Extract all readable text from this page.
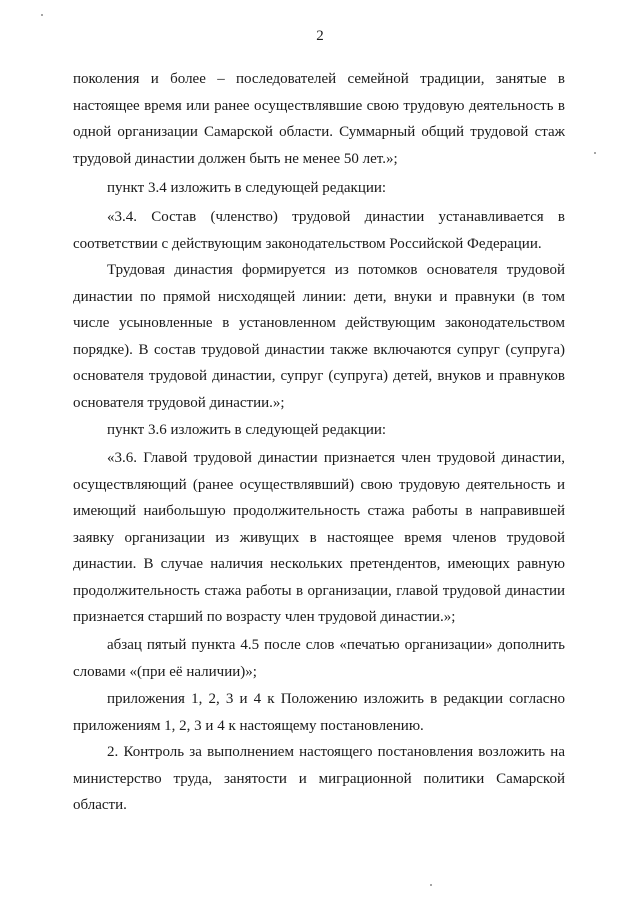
2

поколения и более – последователей семейной традиции, занятые в настоящее время или ранее осуществлявшие свою трудовую деятельность в одной организации Самарской области. Суммарный общий трудовой стаж трудовой династии должен быть не менее 50 лет.»;

пункт 3.4 изложить в следующей редакции:

«3.4. Состав (членство) трудовой династии устанавливается в соответствии с действующим законодательством Российской Федерации.

Трудовая династия формируется из потомков основателя трудовой династии по прямой нисходящей линии: дети, внуки и правнуки (в том числе усыновленные в установленном действующим законодательством порядке). В состав трудовой династии также включаются супруг (супруга) основателя трудовой династии, супруг (супруга) детей, внуков и правнуков основателя трудовой династии.»;

пункт 3.6 изложить в следующей редакции:

«3.6. Главой трудовой династии признается член трудовой династии, осуществляющий (ранее осуществлявший) свою трудовую деятельность и имеющий наибольшую продолжительность стажа работы в направившей заявку организации из живущих в настоящее время членов трудовой династии. В случае наличия нескольких претендентов, имеющих равную продолжительность стажа работы в организации, главой трудовой династии признается старший по возрасту член трудовой династии.»;

абзац пятый пункта 4.5 после слов «печатью организации» дополнить словами «(при её наличии)»;

приложения 1, 2, 3 и 4 к Положению изложить в редакции согласно приложениям 1, 2, 3 и 4 к настоящему постановлению.

2. Контроль за выполнением настоящего постановления возложить на министерство труда, занятости и миграционной политики Самарской области.
